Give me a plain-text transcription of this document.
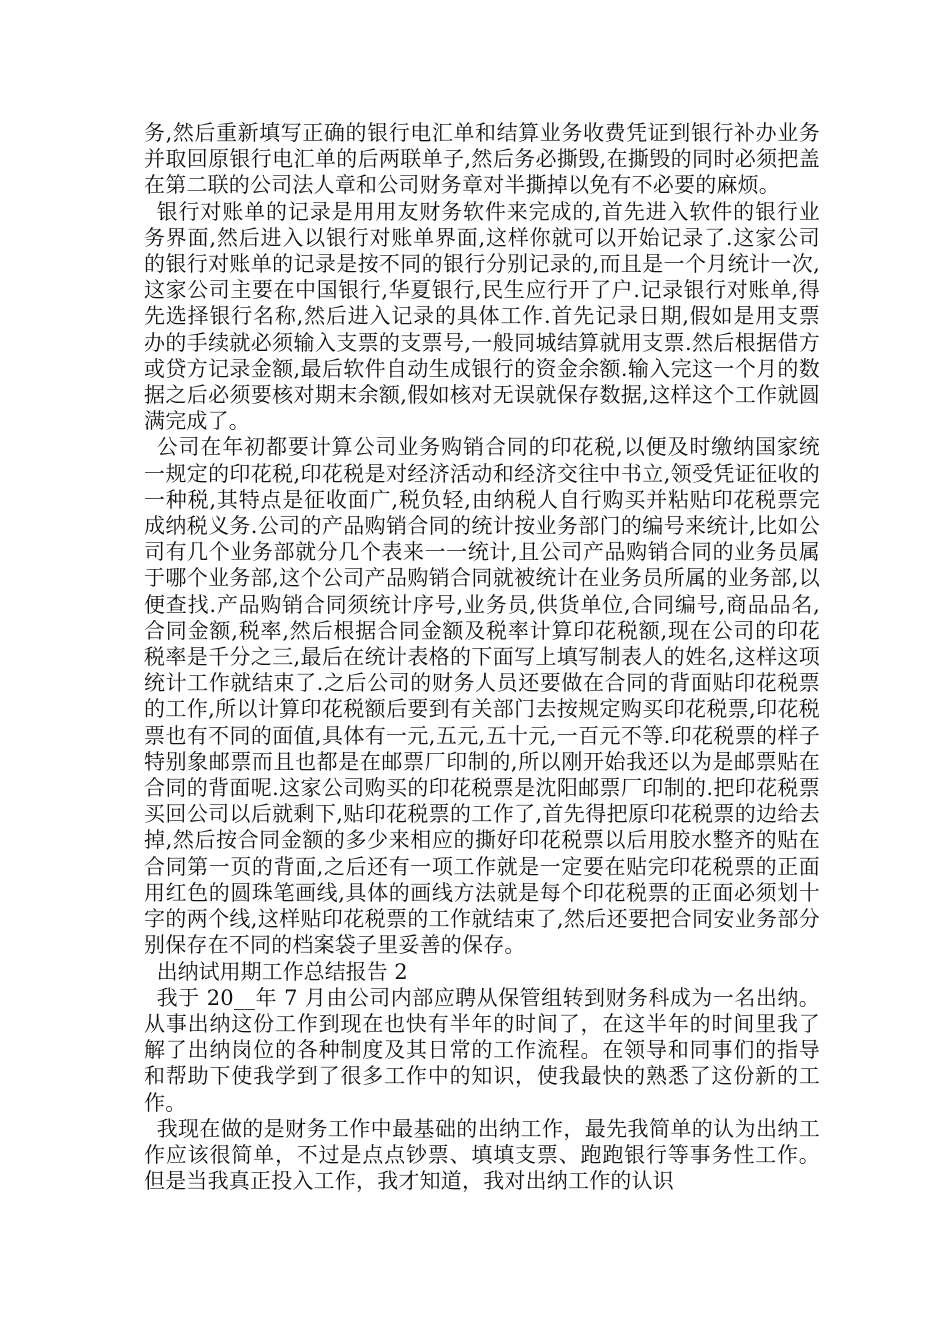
务,然后重新填写正确的银行电汇单和结算业务收费凭证到银行补办业务并取回原银行电汇单的后两联单子,然后务必撕毁,在撕毁的同时必须把盖在第二联的公司法人章和公司财务章对半撕掉以免有不必要的麻烦。

银行对账单的记录是用用友财务软件来完成的,首先进入软件的银行业务界面,然后进入以银行对账单界面,这样你就可以开始记录了.这家公司的银行对账单的记录是按不同的银行分别记录的,而且是一个月统计一次,这家公司主要在中国银行,华夏银行,民生应行开了户.记录银行对账单,得先选择银行名称,然后进入记录的具体工作.首先记录日期,假如是用支票办的手续就必须输入支票的支票号,一般同城结算就用支票.然后根据借方或贷方记录金额,最后软件自动生成银行的资金余额.输入完这一个月的数据之后必须要核对期末余额,假如核对无误就保存数据,这样这个工作就圆满完成了。

公司在年初都要计算公司业务购销合同的印花税,以便及时缴纳国家统一规定的印花税,印花税是对经济活动和经济交往中书立,领受凭证征收的一种税,其特点是征收面广,税负轻,由纳税人自行购买并粘贴印花税票完成纳税义务.公司的产品购销合同的统计按业务部门的编号来统计,比如公司有几个业务部就分几个表来一一统计,且公司产品购销合同的业务员属于哪个业务部,这个公司产品购销合同就被统计在业务员所属的业务部,以便查找.产品购销合同须统计序号,业务员,供货单位,合同编号,商品品名,合同金额,税率,然后根据合同金额及税率计算印花税额,现在公司的印花税率是千分之三,最后在统计表格的下面写上填写制表人的姓名,这样这项统计工作就结束了.之后公司的财务人员还要做在合同的背面贴印花税票的工作,所以计算印花税额后要到有关部门去按规定购买印花税票,印花税票也有不同的面值,具体有一元,五元,五十元,一百元不等.印花税票的样子特别象邮票而且也都是在邮票厂印制的,所以刚开始我还以为是邮票贴在合同的背面呢.这家公司购买的印花税票是沈阳邮票厂印制的.把印花税票买回公司以后就剩下,贴印花税票的工作了,首先得把原印花税票的边给去掉,然后按合同金额的多少来相应的撕好印花税票以后用胶水整齐的贴在合同第一页的背面,之后还有一项工作就是一定要在贴完印花税票的正面用红色的圆珠笔画线,具体的画线方法就是每个印花税票的正面必须划十字的两个线,这样贴印花税票的工作就结束了,然后还要把合同安业务部分别保存在不同的档案袋子里妥善的保存。

出纳试用期工作总结报告 2

我于 20__年 7 月由公司内部应聘从保管组转到财务科成为一名出纳。从事出纳这份工作到现在也快有半年的时间了，在这半年的时间里我了解了出纳岗位的各种制度及其日常的工作流程。在领导和同事们的指导和帮助下使我学到了很多工作中的知识，使我最快的熟悉了这份新的工作。

我现在做的是财务工作中最基础的出纳工作，最先我简单的认为出纳工作应该很简单，不过是点点钞票、填填支票、跑跑银行等事务性工作。但是当我真正投入工作，我才知道，我对出纳工作的认识
